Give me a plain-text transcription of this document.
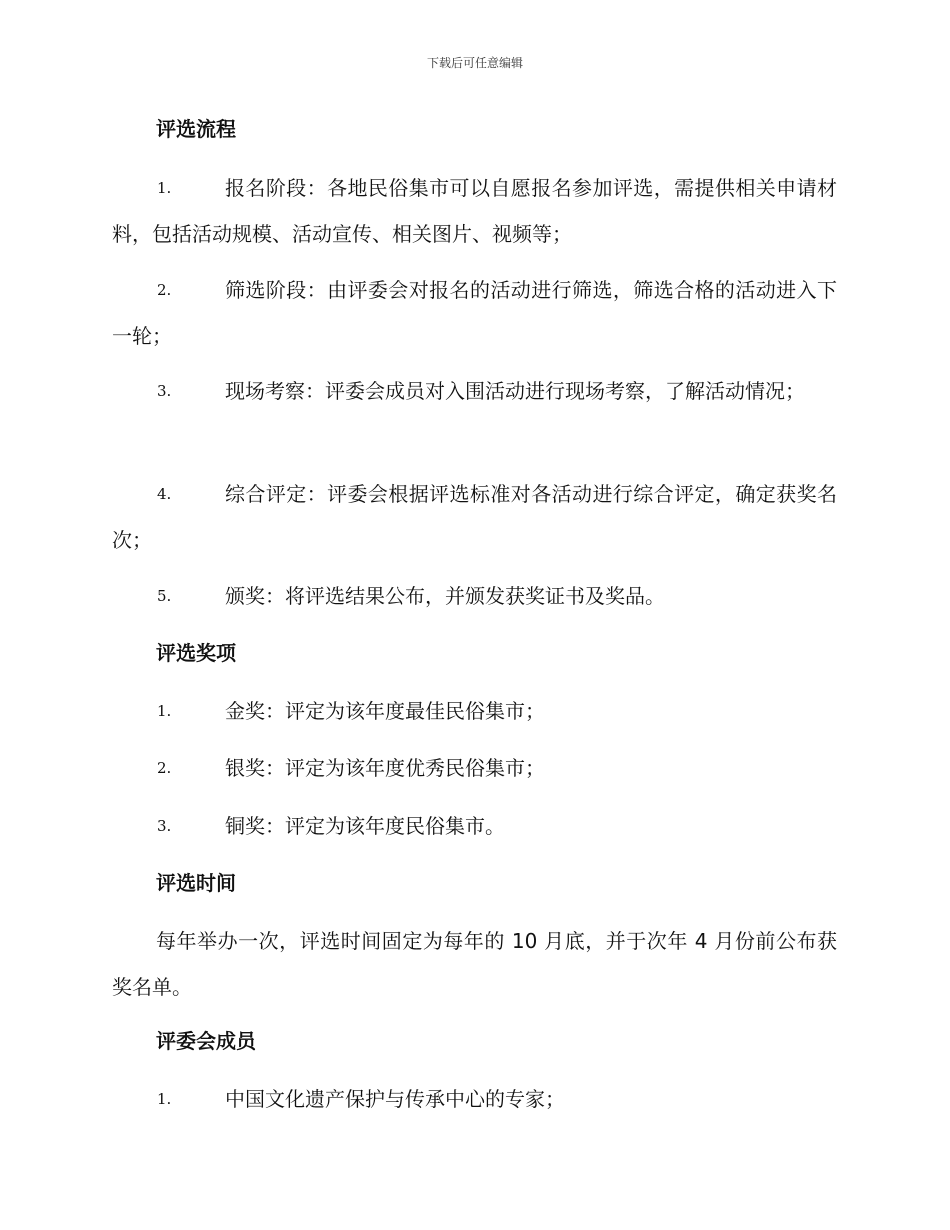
下载后可任意编辑
评选流程
1.	报名阶段：各地民俗集市可以自愿报名参加评选，需提供相关申请材料，包括活动规模、活动宣传、相关图片、视频等；
2.	筛选阶段：由评委会对报名的活动进行筛选，筛选合格的活动进入下一轮；
3.	现场考察：评委会成员对入围活动进行现场考察，了解活动情况；
4.	综合评定：评委会根据评选标准对各活动进行综合评定，确定获奖名次；
5.	颁奖：将评选结果公布，并颁发获奖证书及奖品。
评选奖项
1.	金奖：评定为该年度最佳民俗集市；
2.	银奖：评定为该年度优秀民俗集市；
3.	铜奖：评定为该年度民俗集市。
评选时间
每年举办一次，评选时间固定为每年的 10 月底，并于次年 4 月份前公布获奖名单。
评委会成员
1.	中国文化遗产保护与传承中心的专家；
